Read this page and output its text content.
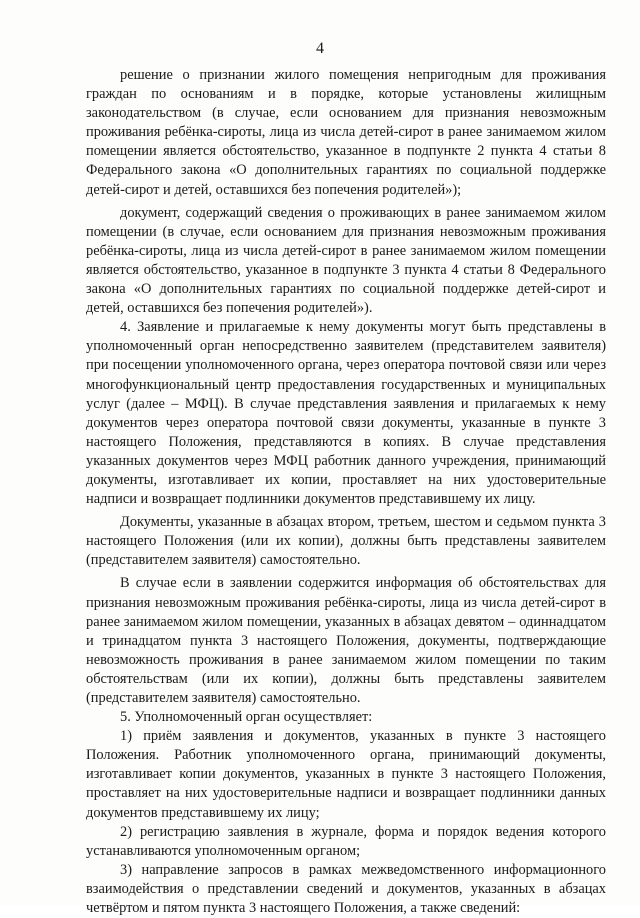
4

решение о признании жилого помещения непригодным для проживания граждан по основаниям и в порядке, которые установлены жилищным законодательством (в случае, если основанием для признания невозможным проживания ребёнка-сироты, лица из числа детей-сирот в ранее занимаемом жилом помещении является обстоятельство, указанное в подпункте 2 пункта 4 статьи 8 Федерального закона «О дополнительных гарантиях по социальной поддержке детей-сирот и детей, оставшихся без попечения родителей»);

документ, содержащий сведения о проживающих в ранее занимаемом жилом помещении (в случае, если основанием для признания невозможным проживания ребёнка-сироты, лица из числа детей-сирот в ранее занимаемом жилом помещении является обстоятельство, указанное в подпункте 3 пункта 4 статьи 8 Федерального закона «О дополнительных гарантиях по социальной поддержке детей-сирот и детей, оставшихся без попечения родителей»).

4. Заявление и прилагаемые к нему документы могут быть представлены в уполномоченный орган непосредственно заявителем (представителем заявителя) при посещении уполномоченного органа, через оператора почтовой связи или через многофункциональный центр предоставления государственных и муниципальных услуг (далее – МФЦ). В случае представления заявления и прилагаемых к нему документов через оператора почтовой связи документы, указанные в пункте 3 настоящего Положения, представляются в копиях. В случае представления указанных документов через МФЦ работник данного учреждения, принимающий документы, изготавливает их копии, проставляет на них удостоверительные надписи и возвращает подлинники документов представившему их лицу.

Документы, указанные в абзацах втором, третьем, шестом и седьмом пункта 3 настоящего Положения (или их копии), должны быть представлены заявителем (представителем заявителя) самостоятельно.

В случае если в заявлении содержится информация об обстоятельствах для признания невозможным проживания ребёнка-сироты, лица из числа детей-сирот в ранее занимаемом жилом помещении, указанных в абзацах девятом – одиннадцатом и тринадцатом пункта 3 настоящего Положения, документы, подтверждающие невозможность проживания в ранее занимаемом жилом помещении по таким обстоятельствам (или их копии), должны быть представлены заявителем (представителем заявителя) самостоятельно.

5. Уполномоченный орган осуществляет:

1) приём заявления и документов, указанных в пункте 3 настоящего Положения. Работник уполномоченного органа, принимающий документы, изготавливает копии документов, указанных в пункте 3 настоящего Положения, проставляет на них удостоверительные надписи и возвращает подлинники данных документов представившему их лицу;

2) регистрацию заявления в журнале, форма и порядок ведения которого устанавливаются уполномоченным органом;

3) направление запросов в рамках межведомственного информационного взаимодействия о представлении сведений и документов, указанных в абзацах четвёртом и пятом пункта 3 настоящего Положения, а также сведений:
